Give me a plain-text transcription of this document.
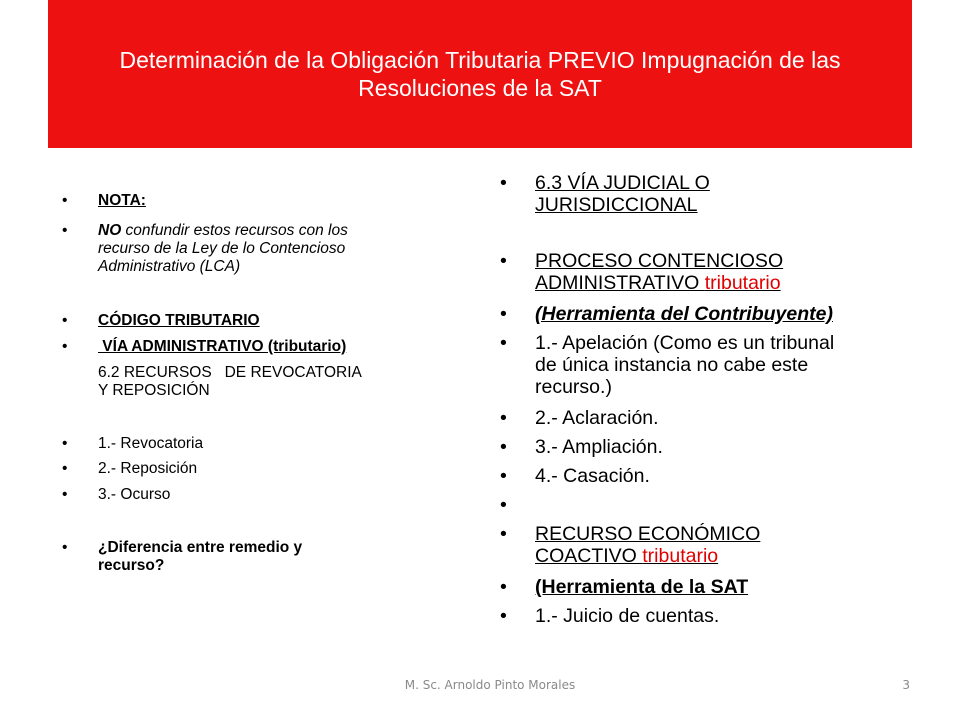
Determinación de la Obligación Tributaria PREVIO Impugnación de las
Resoluciones de la SAT
• NOTA:
• NO confundir estos recursos con los
recurso de la Ley de lo Contencioso
Administrativo (LCA)
• CÓDIGO TRIBUTARIO
• VÍA ADMINISTRATIVO (tributario)
6.2 RECURSOS   DE REVOCATORIA
Y REPOSICIÓN
• 1.- Revocatoria
• 2.- Reposición
• 3.- Ocurso
• ¿Diferencia entre remedio y
recurso?
• 6.3 VÍA JUDICIAL O
JURISDICCIONAL
• PROCESO CONTENCIOSO
ADMINISTRATIVO tributario
• (Herramienta del Contribuyente)
• 1.- Apelación (Como es un tribunal
de única instancia no cabe este
recurso.)
• 2.- Aclaración.
• 3.- Ampliación.
• 4.- Casación.
•
• RECURSO ECONÓMICO
COACTIVO tributario
• (Herramienta de la SAT
• 1.- Juicio de cuentas.
M. Sc. Arnoldo Pinto Morales	3
